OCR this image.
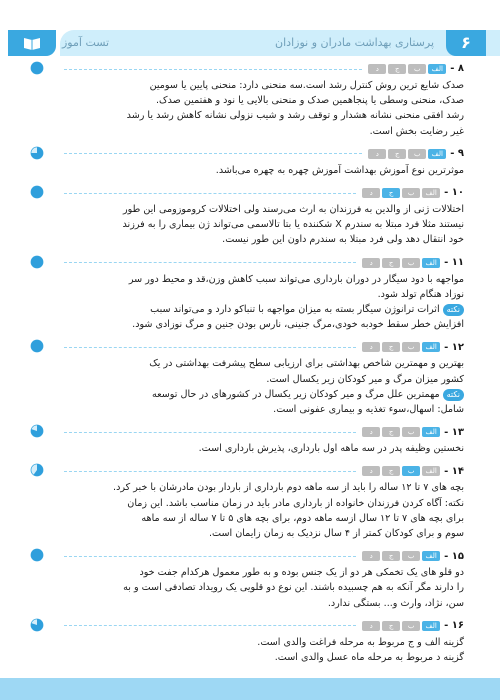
تست آموز	پرستاری بهداشت مادران و نوزادان	۶
۸ -
الف
ب
ج
د
صدک شایع ترین روش کنترل رشد است.سه منحنی دارد: منحنی پایین یا سومین
صدک، منحنی وسطی یا پنجاهمین صدک و منحنی بالایی یا نود و هفتمین صدک.
رشد افقی منحنی نشانه هشدار و توقف رشد و شیب نزولی نشانه کاهش رشد یا رشد
غیر رضایت بخش است.
۹ -
الف
ب
ج
د
موثرترین نوع آموزش بهداشت آموزش چهره به چهره می‌باشد.
۱۰ -
الف
ب
ج
د
اختلالات ژنی از والدین به فرزندان به ارث می‌رسند ولی اختلالات کروموزومی این طور
نیستند مثلا فرد مبتلا به سندرم X شکننده یا بتا تالاسمی می‌تواند ژن بیماری را به فرزند
خود انتقال دهد ولی فرد مبتلا به سندرم داون این طور نیست.
۱۱ -
الف
ب
ج
د
مواجهه با دود سیگار در دوران بارداری می‌تواند سبب کاهش وزن،قد و محیط دور سر
نوزاد هنگام تولد شود.
نکتهاثرات ترانوژن سیگار بسته به میزان مواجهه با تنباکو دارد و می‌تواند سبب
افزایش خطر سقط خودبه خودی،مرگ جنینی، نارس بودن جنین و مرگ نوزادی شود.
۱۲ -
الف
ب
ج
د
بهترین و مهمترین شاخص بهداشتی برای ارزیابی سطح پیشرفت بهداشتی در یک
کشور میزان مرگ و میر کودکان زیر یکسال است.
نکتهمهمترین علل مرگ و میر کودکان زیر یکسال در کشورهای در حال توسعه
شامل: اسهال،سوء تغذیه و بیماری عفونی است.
۱۳ -
الف
ب
ج
د
نخستین وظیفه پدر در سه ماهه اول بارداری، پذیرش بارداری است.
۱۴ -
الف
ب
ج
د
بچه های ۷ تا ۱۲ ساله را باید از سه ماهه دوم بارداری از باردار بودن مادرشان با خبر کرد.
نکته: آگاه کردن فرزندان خانواده از بارداری مادر باید در زمان مناسب باشد. این زمان
برای بچه های ۷ تا ۱۲ سال ازسه ماهه دوم، برای بچه های ۵ تا ۷ ساله از سه ماهه
سوم و برای کودکان کمتر از ۴ سال نزدیک به زمان زایمان است.
۱۵ -
الف
ب
ج
د
دو قلو های یک تخمکی هر دو از یک جنس بوده و به طور معمول هرکدام جفت خود
را دارند مگر آنکه به هم چسبیده باشند. این نوع دو قلویی یک رویداد تصادفی است و به
سن، نژاد، وارث و... بستگی ندارد.
۱۶ -
الف
ب
ج
د
گزینه الف و ج مربوط به مرحله فراغت والدی است.
گزینه د مربوط به مرحله ماه عسل والدی است.
